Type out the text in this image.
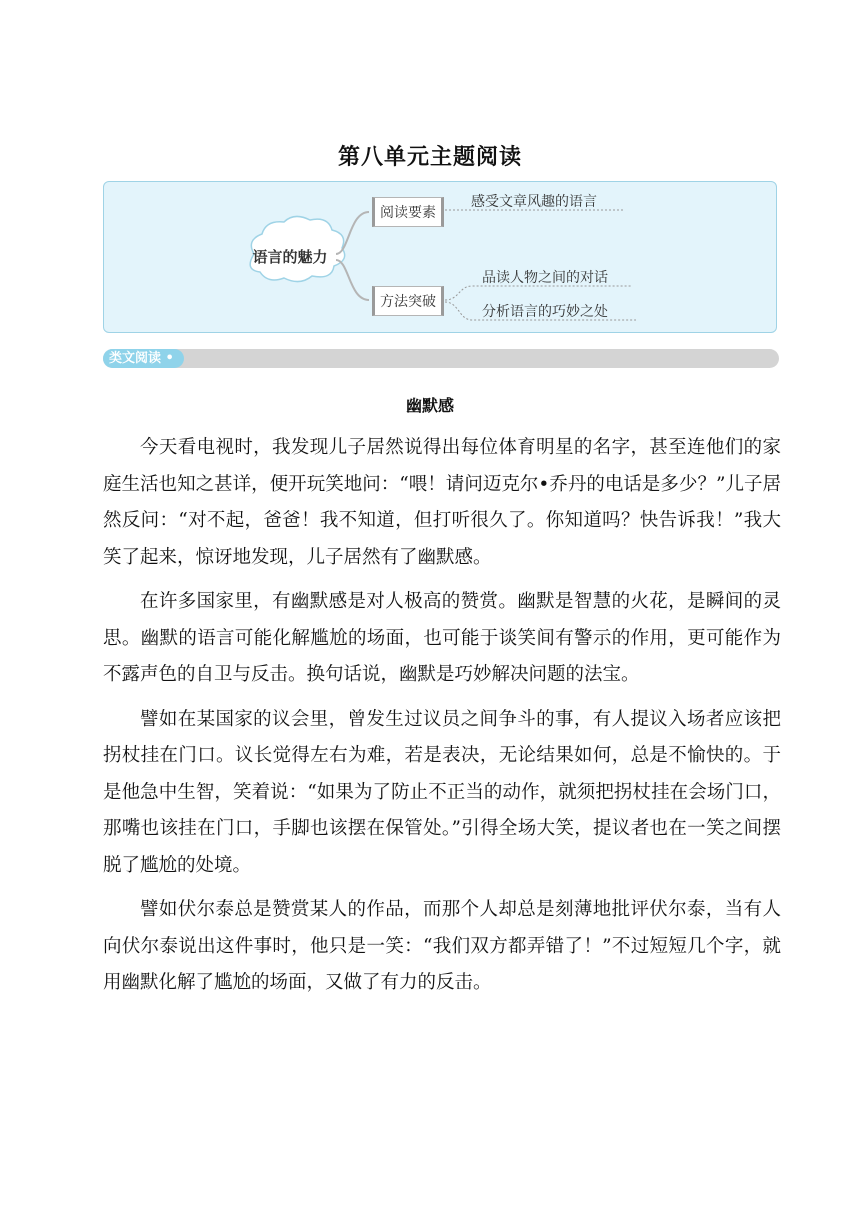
第八单元主题阅读
语言的魅力
阅读要素
感受文章风趣的语言
方法突破
品读人物之间的对话
分析语言的巧妙之处
类文阅读 •
幽默感

今天看电视时，我发现儿子居然说得出每位体育明星的名字，甚至连他们的家庭生活也知之甚详，便开玩笑地问：“喂！请问迈克尔•乔丹的电话是多少？”儿子居然反问：“对不起，爸爸！我不知道，但打听很久了。你知道吗？快告诉我！”我大笑了起来，惊讶地发现，儿子居然有了幽默感。

在许多国家里，有幽默感是对人极高的赞赏。幽默是智慧的火花，是瞬间的灵思。幽默的语言可能化解尴尬的场面，也可能于谈笑间有警示的作用，更可能作为不露声色的自卫与反击。换句话说，幽默是巧妙解决问题的法宝。

譬如在某国家的议会里，曾发生过议员之间争斗的事，有人提议入场者应该把拐杖挂在门口。议长觉得左右为难，若是表决，无论结果如何，总是不愉快的。于是他急中生智，笑着说：“如果为了防止不正当的动作，就须把拐杖挂在会场门口，那嘴也该挂在门口，手脚也该摆在保管处。”引得全场大笑，提议者也在一笑之间摆脱了尴尬的处境。

譬如伏尔泰总是赞赏某人的作品，而那个人却总是刻薄地批评伏尔泰，当有人向伏尔泰说出这件事时，他只是一笑：“我们双方都弄错了！”不过短短几个字，就用幽默化解了尴尬的场面，又做了有力的反击。
